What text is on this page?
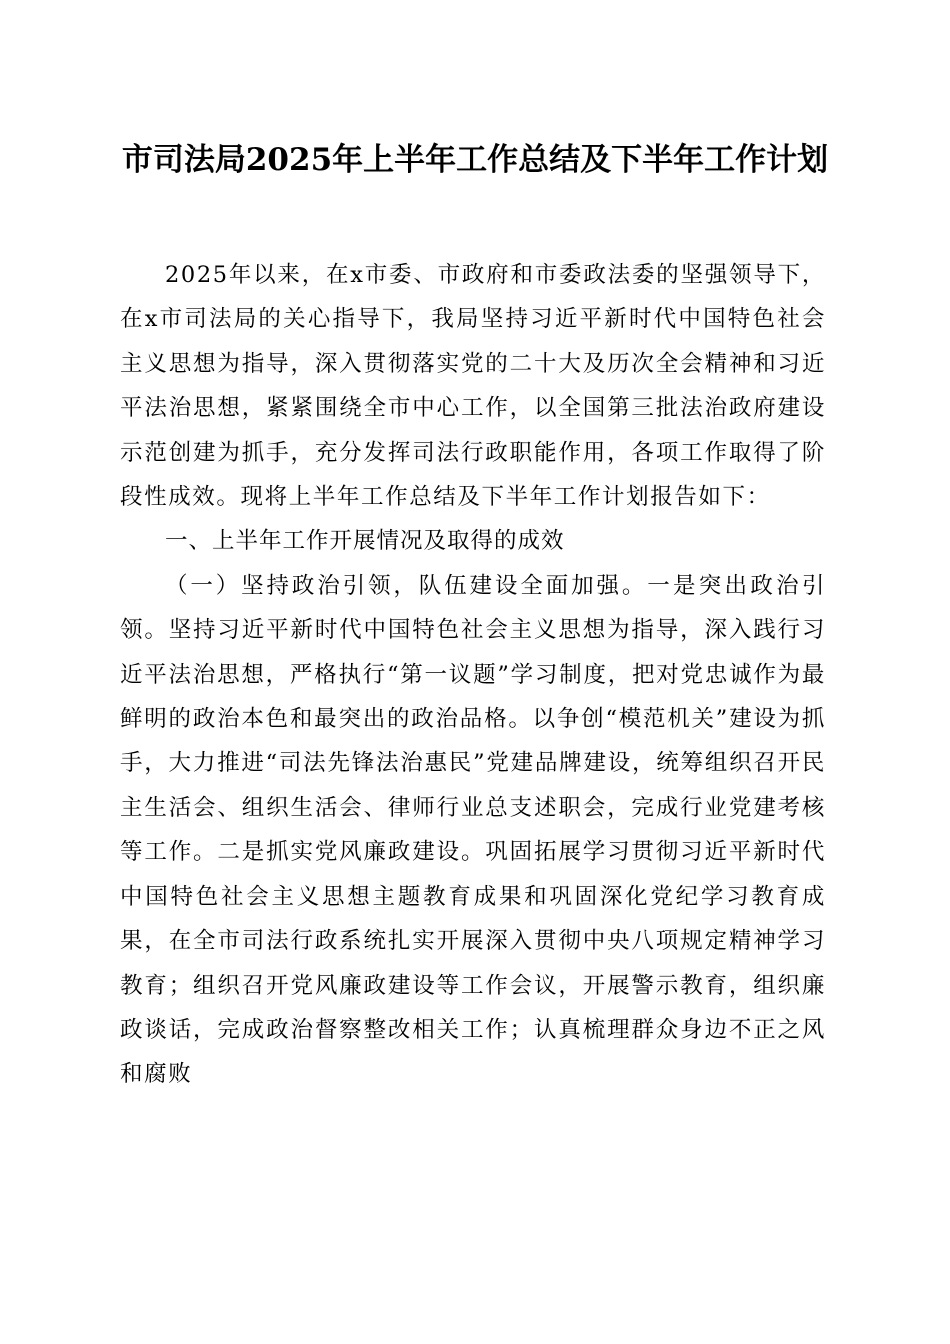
市司法局2025年上半年工作总结及下半年工作计划

2025年以来，在x市委、市政府和市委政法委的坚强领导下，在x市司法局的关心指导下，我局坚持习近平新时代中国特色社会主义思想为指导，深入贯彻落实党的二十大及历次全会精神和习近平法治思想，紧紧围绕全市中心工作，以全国第三批法治政府建设示范创建为抓手，充分发挥司法行政职能作用，各项工作取得了阶段性成效。现将上半年工作总结及下半年工作计划报告如下：

一、上半年工作开展情况及取得的成效

（一）坚持政治引领，队伍建设全面加强。一是突出政治引领。坚持习近平新时代中国特色社会主义思想为指导，深入践行习近平法治思想，严格执行“第一议题”学习制度，把对党忠诚作为最鲜明的政治本色和最突出的政治品格。以争创“模范机关”建设为抓手，大力推进“司法先锋法治惠民”党建品牌建设，统筹组织召开民主生活会、组织生活会、律师行业总支述职会，完成行业党建考核等工作。二是抓实党风廉政建设。巩固拓展学习贯彻习近平新时代中国特色社会主义思想主题教育成果和巩固深化党纪学习教育成果，在全市司法行政系统扎实开展深入贯彻中央八项规定精神学习教育；组织召开党风廉政建设等工作会议，开展警示教育，组织廉政谈话，完成政治督察整改相关工作；认真梳理群众身边不正之风和腐败
